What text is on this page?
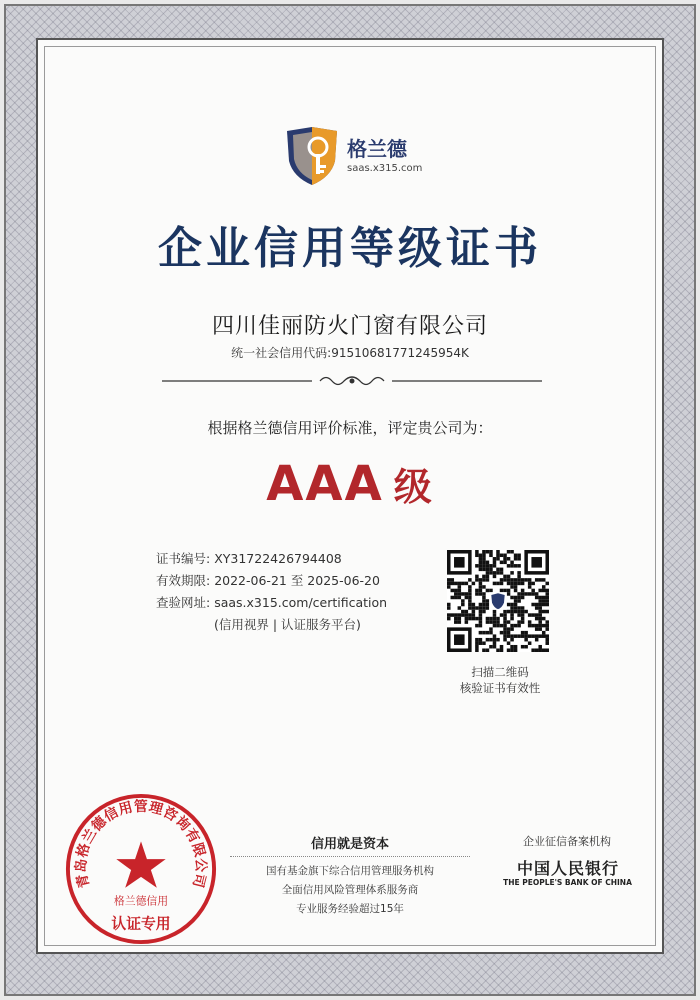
格兰德
saas.x315.com
企业信用等级证书
四川佳丽防火门窗有限公司
统一社会信用代码:91510681771245954K
根据格兰德信用评价标准，评定贵公司为：
AAA 级
证书编号: XY31722426794408
有效期限: 2022-06-21 至 2025-06-20
查验网址: saas.x315.com/certification
(信用视界 | 认证服务平台)
扫描二维码
核验证书有效性
青岛格兰德信用管理咨询有限公司
格兰德信用
认证专用
信用就是资本
国有基金旗下综合信用管理服务机构
全面信用风险管理体系服务商
专业服务经验超过15年
企业征信备案机构
中国人民银行
THE PEOPLE'S BANK OF CHINA
